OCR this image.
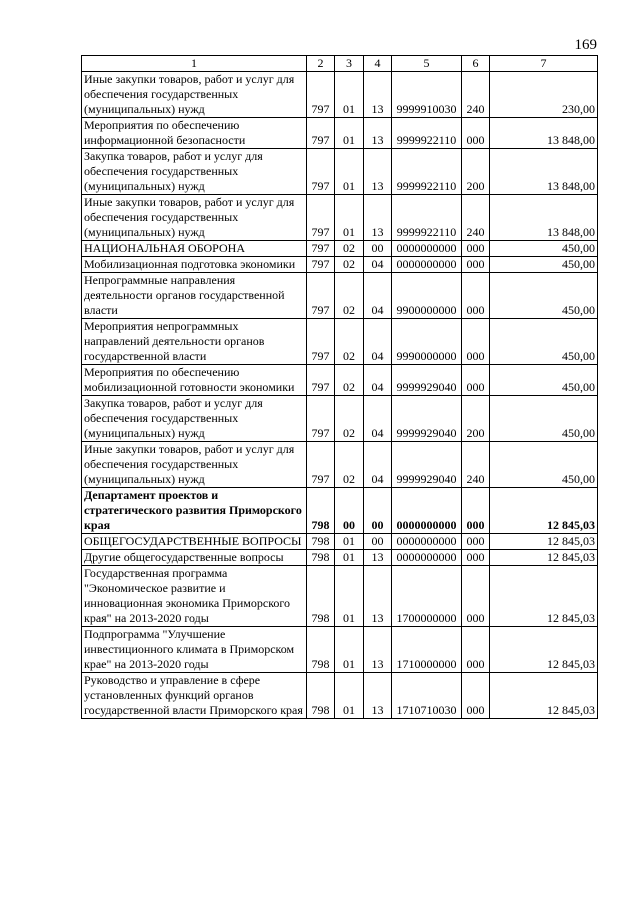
169
1	2	3	4	5	6	7
Иные закупки товаров, работ и услуг для обеспечения государственных (муниципальных) нужд	797	01	13	9999910030	240	230,00
Мероприятия по обеспечению информационной безопасности	797	01	13	9999922110	000	13 848,00
Закупка товаров, работ и услуг для обеспечения государственных (муниципальных) нужд	797	01	13	9999922110	200	13 848,00
Иные закупки товаров, работ и услуг для обеспечения государственных (муниципальных) нужд	797	01	13	9999922110	240	13 848,00
НАЦИОНАЛЬНАЯ ОБОРОНА	797	02	00	0000000000	000	450,00
Мобилизационная подготовка экономики	797	02	04	0000000000	000	450,00
Непрограммные направления деятельности органов государственной власти	797	02	04	9900000000	000	450,00
Мероприятия непрограммных направлений деятельности органов государственной власти	797	02	04	9990000000	000	450,00
Мероприятия по обеспечению мобилизационной готовности экономики	797	02	04	9999929040	000	450,00
Закупка товаров, работ и услуг для обеспечения государственных (муниципальных) нужд	797	02	04	9999929040	200	450,00
Иные закупки товаров, работ и услуг для обеспечения государственных (муниципальных) нужд	797	02	04	9999929040	240	450,00
Департамент проектов и стратегического развития Приморского края	798	00	00	0000000000	000	12 845,03
ОБЩЕГОСУДАРСТВЕННЫЕ ВОПРОСЫ	798	01	00	0000000000	000	12 845,03
Другие общегосударственные вопросы	798	01	13	0000000000	000	12 845,03
Государственная программа "Экономическое развитие и инновационная экономика Приморского края" на 2013-2020 годы	798	01	13	1700000000	000	12 845,03
Подпрограмма "Улучшение инвестиционного климата в Приморском крае" на 2013-2020 годы	798	01	13	1710000000	000	12 845,03
Руководство и управление в сфере установленных функций органов государственной власти Приморского края	798	01	13	1710710030	000	12 845,03
